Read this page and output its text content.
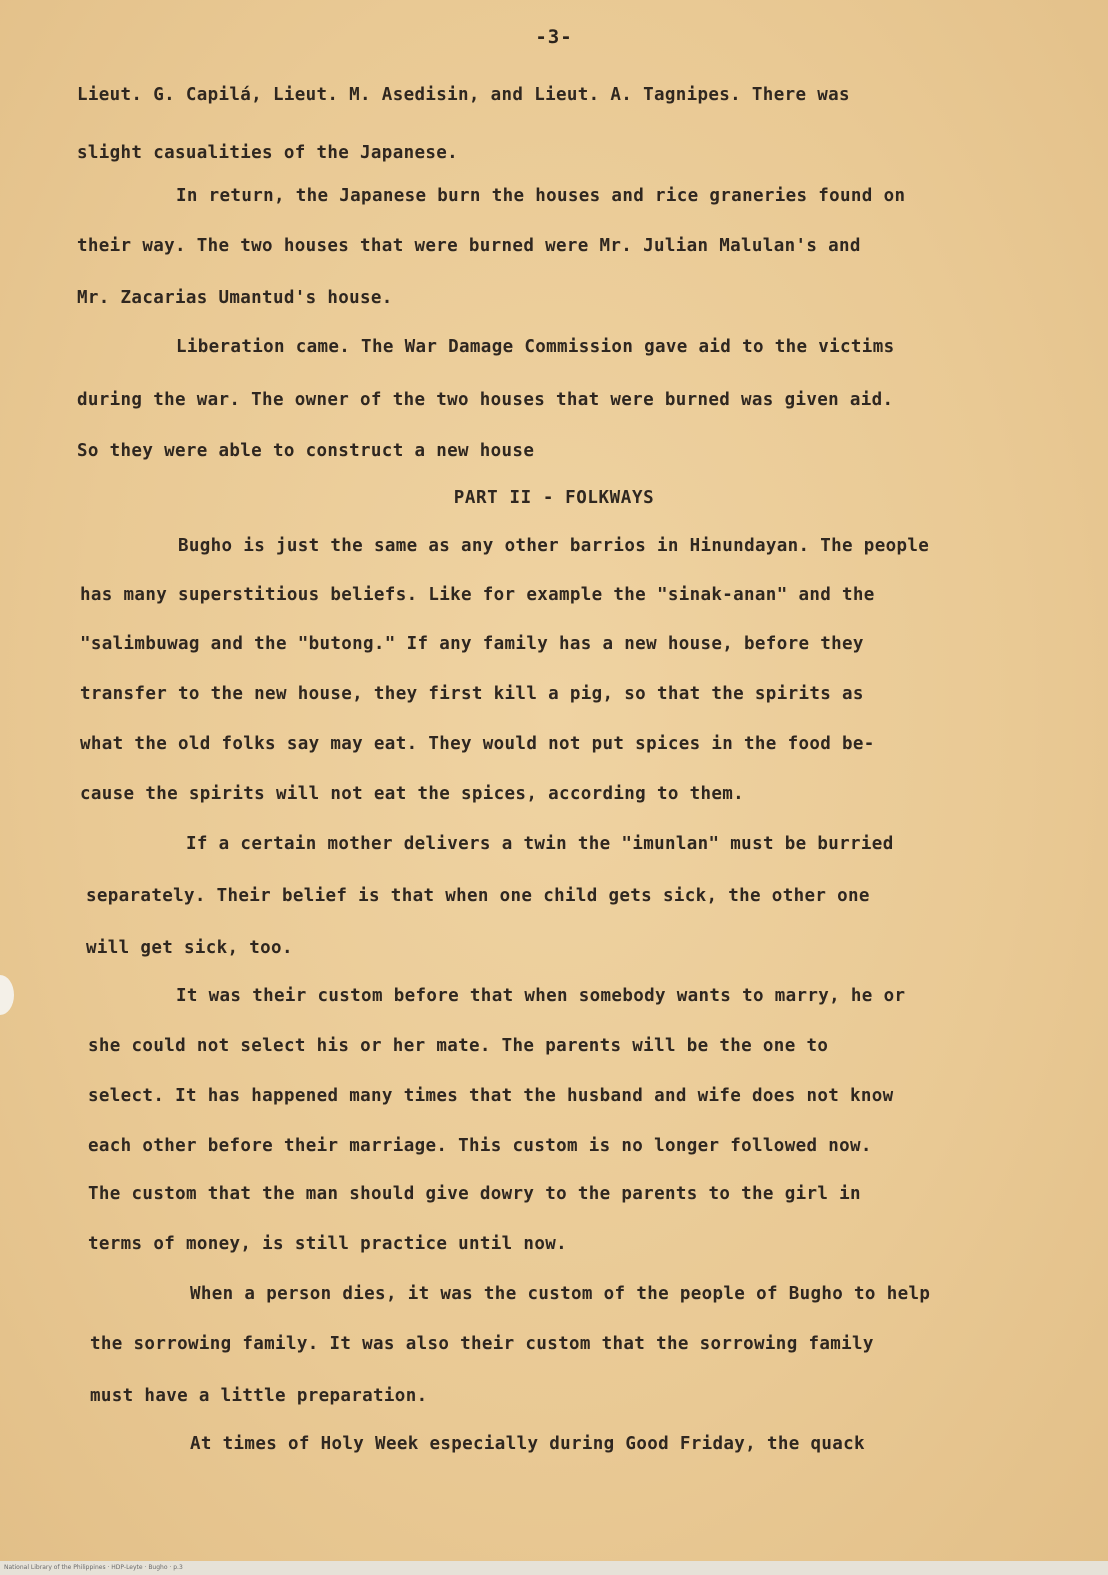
-3-
Lieut. G. Capilá, Lieut. M. Asedisin, and Lieut. A. Tagnipes. There was
slight casualities of the Japanese.
In return, the Japanese burn the houses and rice graneries found on
their way. The two houses that were burned were Mr. Julian Malulan's and
Mr. Zacarias Umantud's house.
Liberation came. The War Damage Commission gave aid to the victims
during the war. The owner of the two houses that were burned was given aid.
So they were able to construct a new house
PART II - FOLKWAYS
Bugho is just the same as any other barrios in Hinundayan. The people
has many superstitious beliefs. Like for example the "sinak-anan" and the
"salimbuwag and the "butong." If any family has a new house, before they
transfer to the new house, they first kill a pig, so that the spirits as
what the old folks say may eat. They would not put spices in the food be-
cause the spirits will not eat the spices, according to them.
If a certain mother delivers a twin the "imunlan" must be burried
separately. Their belief is that when one child gets sick, the other one
will get sick, too.
It was their custom before that when somebody wants to marry, he or
she could not select his or her mate. The parents will be the one to
select. It has happened many times that the husband and wife does not know
each other before their marriage. This custom is no longer followed now.
The custom that the man should give dowry to the parents to the girl in
terms of money, is still practice until now.
When a person dies, it was the custom of the people of Bugho to help
the sorrowing family. It was also their custom that the sorrowing family
must have a little preparation.
At times of Holy Week especially during Good Friday, the quack
National Library of the Philippines · HDP-Leyte · Bugho · p.3
